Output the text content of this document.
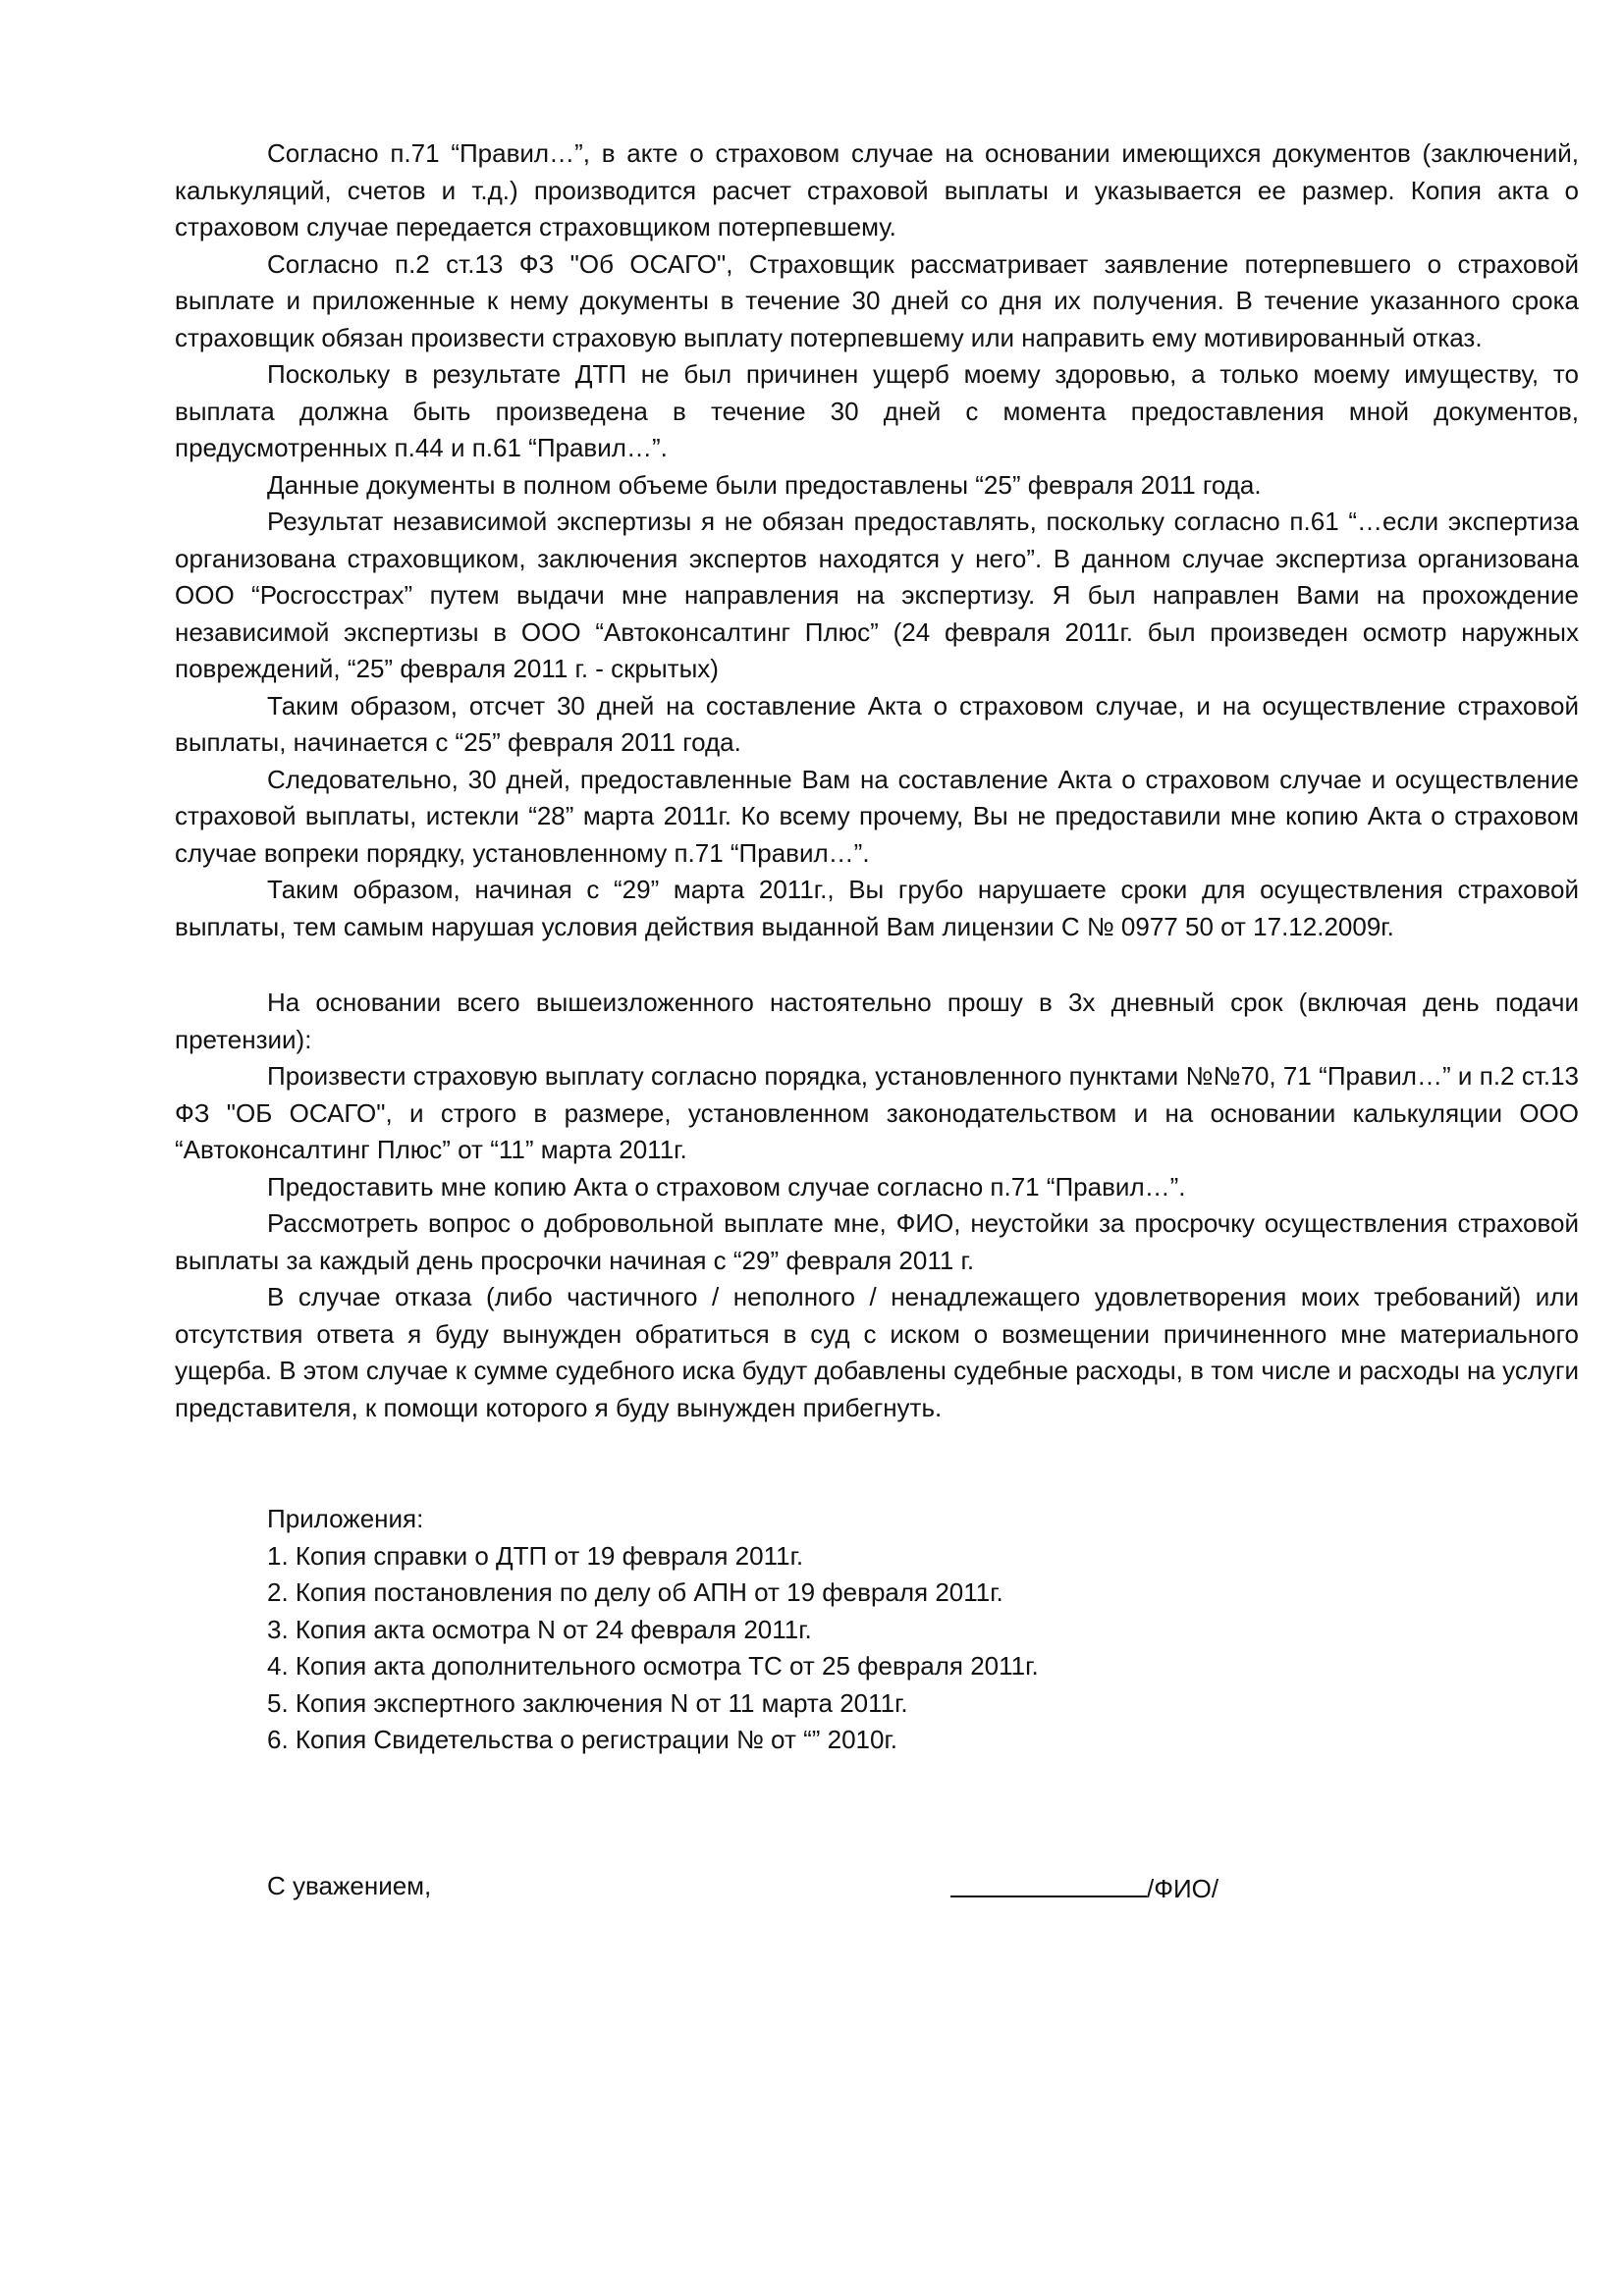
Согласно п.71 “Правил…”, в акте о страховом случае на основании имеющихся документов (заключений, калькуляций, счетов и т.д.) производится расчет страховой выплаты и указывается ее размер. Копия акта о страховом случае передается страховщиком потерпевшему.

Согласно п.2 ст.13 ФЗ "Об ОСАГО", Страховщик рассматривает заявление потерпевшего о страховой выплате и приложенные к нему документы в течение 30 дней со дня их получения. В течение указанного срока страховщик обязан произвести страховую выплату потерпевшему или направить ему мотивированный отказ.

Поскольку в результате ДТП не был причинен ущерб моему здоровью, а только моему имуществу, то выплата должна быть произведена в течение 30 дней с момента предоставления мной документов, предусмотренных п.44 и п.61 “Правил…”.

Данные документы в полном объеме были предоставлены “25” февраля 2011 года.

Результат независимой экспертизы я не обязан предоставлять, поскольку согласно п.61 “…если экспертиза организована страховщиком, заключения экспертов находятся у него”. В данном случае экспертиза организована ООО “Росгосстрах” путем выдачи мне направления на экспертизу. Я был направлен Вами на прохождение независимой экспертизы в ООО “Автоконсалтинг Плюс” (24 февраля 2011г. был произведен осмотр наружных повреждений, “25” февраля 2011 г. - скрытых)

Таким образом, отсчет 30 дней на составление Акта о страховом случае, и на осуществление страховой выплаты, начинается с “25” февраля 2011 года.

Следовательно, 30 дней, предоставленные Вам на составление Акта о страховом случае и осуществление страховой выплаты, истекли “28” марта 2011г. Ко всему прочему, Вы не предоставили мне копию Акта о страховом случае вопреки порядку, установленному п.71 “Правил…”.

Таким образом, начиная с “29” марта 2011г., Вы грубо нарушаете сроки для осуществления страховой выплаты, тем самым нарушая условия действия выданной Вам лицензии С № 0977 50 от 17.12.2009г.

На основании всего вышеизложенного настоятельно прошу в 3х дневный срок (включая день подачи претензии):

Произвести страховую выплату согласно порядка, установленного пунктами №№70, 71 “Правил…” и п.2 ст.13 ФЗ "ОБ ОСАГО", и строго в размере, установленном законодательством и на основании калькуляции ООО “Автоконсалтинг Плюс” от “11” марта 2011г.

Предоставить мне копию Акта о страховом случае согласно п.71 “Правил…”.

Рассмотреть вопрос о добровольной выплате мне, ФИО, неустойки за просрочку осуществления страховой выплаты за каждый день просрочки начиная с “29” февраля 2011 г.

В случае отказа (либо частичного / неполного / ненадлежащего удовлетворения моих требований) или отсутствия ответа я буду вынужден обратиться в суд с иском о возмещении причиненного мне материального ущерба. В этом случае к сумме судебного иска будут добавлены судебные расходы, в том числе и расходы на услуги представителя, к помощи которого я буду вынужден прибегнуть.

Приложения:

1. Копия справки о ДТП от 19 февраля 2011г.

2. Копия постановления по делу об АПН от 19 февраля 2011г.

3. Копия акта осмотра N от 24 февраля 2011г.

4. Копия акта дополнительного осмотра ТС от 25 февраля 2011г.

5. Копия экспертного заключения N от 11 марта 2011г.

6. Копия Свидетельства о регистрации № от “” 2010г.

С уважением,	/ФИО/
